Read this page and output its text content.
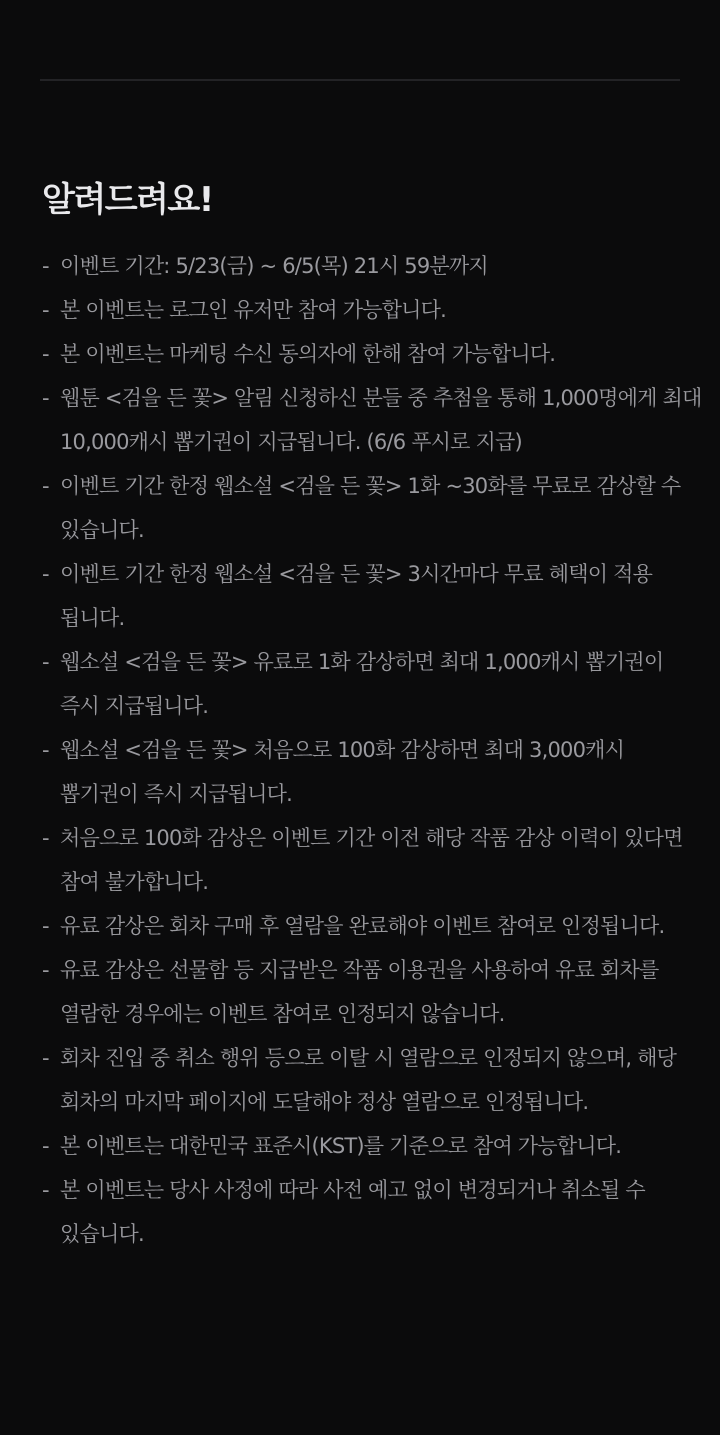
알려드려요!
- 이벤트 기간: 5/23(금) ~ 6/5(목) 21시 59분까지
- 본 이벤트는 로그인 유저만 참여 가능합니다.
- 본 이벤트는 마케팅 수신 동의자에 한해 참여 가능합니다.
- 웹툰 <검을 든 꽃> 알림 신청하신 분들 중 추첨을 통해 1,000명에게 최대 10,000캐시 뽑기권이 지급됩니다. (6/6 푸시로 지급)
- 이벤트 기간 한정 웹소설 <검을 든 꽃> 1화 ~30화를 무료로 감상할 수 있습니다.
- 이벤트 기간 한정 웹소설 <검을 든 꽃> 3시간마다 무료 혜택이 적용 됩니다.
- 웹소설 <검을 든 꽃> 유료로 1화 감상하면 최대 1,000캐시 뽑기권이 즉시 지급됩니다.
- 웹소설 <검을 든 꽃> 처음으로 100화 감상하면 최대 3,000캐시 뽑기권이 즉시 지급됩니다.
- 처음으로 100화 감상은 이벤트 기간 이전 해당 작품 감상 이력이 있다면 참여 불가합니다.
- 유료 감상은 회차 구매 후 열람을 완료해야 이벤트 참여로 인정됩니다.
- 유료 감상은 선물함 등 지급받은 작품 이용권을 사용하여 유료 회차를 열람한 경우에는 이벤트 참여로 인정되지 않습니다.
- 회차 진입 중 취소 행위 등으로 이탈 시 열람으로 인정되지 않으며, 해당 회차의 마지막 페이지에 도달해야 정상 열람으로 인정됩니다.
- 본 이벤트는 대한민국 표준시(KST)를 기준으로 참여 가능합니다.
- 본 이벤트는 당사 사정에 따라 사전 예고 없이 변경되거나 취소될 수 있습니다.
